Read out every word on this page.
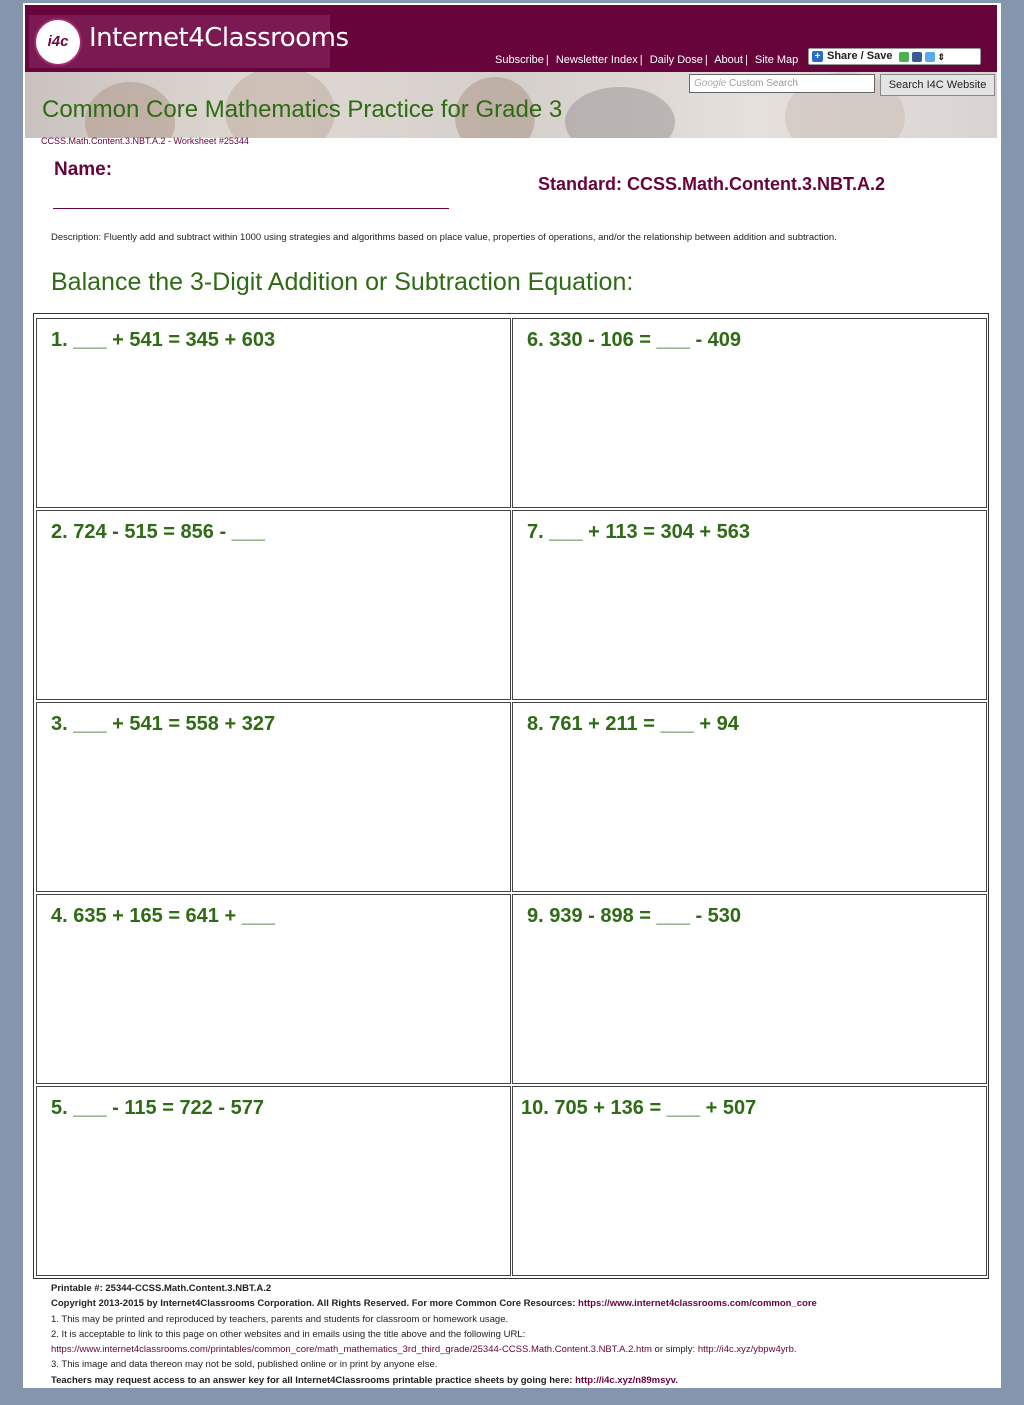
i4c Internet4Classrooms
Subscribe | Newsletter Index | Daily Dose | About | Site Map	+ Share / Save	⇕
Google Custom Search	Search I4C Website
Common Core Mathematics Practice for Grade 3
CCSS.Math.Content.3.NBT.A.2 - Worksheet #25344
Name:
Standard: CCSS.Math.Content.3.NBT.A.2
Description: Fluently add and subtract within 1000 using strategies and algorithms based on place value, properties of operations, and/or the relationship between addition and subtraction.
Balance the 3-Digit Addition or Subtraction Equation:
1. ___ + 541 = 345 + 603
2. 724 - 515 = 856 - ___
3. ___ + 541 = 558 + 327
4. 635 + 165 = 641 + ___
5. ___ - 115 = 722 - 577
6. 330 - 106 = ___ - 409
7. ___ + 113 = 304 + 563
8. 761 + 211 = ___ + 94
9. 939 - 898 = ___ - 530
10. 705 + 136 = ___ + 507
Printable #: 25344-CCSS.Math.Content.3.NBT.A.2
Copyright 2013-2015 by Internet4Classrooms Corporation. All Rights Reserved. For more Common Core Resources: https://www.internet4classrooms.com/common_core
1. This may be printed and reproduced by teachers, parents and students for classroom or homework usage.
2. It is acceptable to link to this page on other websites and in emails using the title above and the following URL:
https://www.internet4classrooms.com/printables/common_core/math_mathematics_3rd_third_grade/25344-CCSS.Math.Content.3.NBT.A.2.htm or simply: http://i4c.xyz/ybpw4yrb.
3. This image and data thereon may not be sold, published online or in print by anyone else.
Teachers may request access to an answer key for all Internet4Classrooms printable practice sheets by going here: http://i4c.xyz/n89msyv.
